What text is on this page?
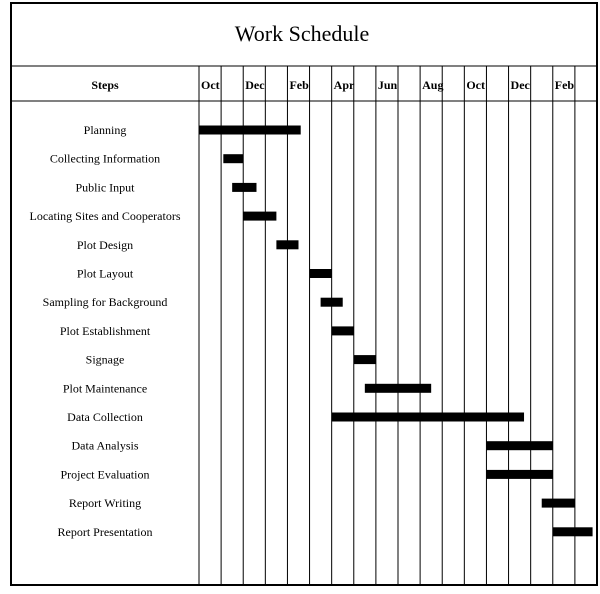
Work Schedule
Steps	Oct Dec Feb Apr Jun Aug Oct Dec Feb
Planning
Collecting Information
Public Input
Locating Sites and Cooperators
Plot Design
Plot Layout
Sampling for Background
Plot Establishment
Signage
Plot Maintenance
Data Collection
Data Analysis
Project Evaluation
Report Writing
Report Presentation
